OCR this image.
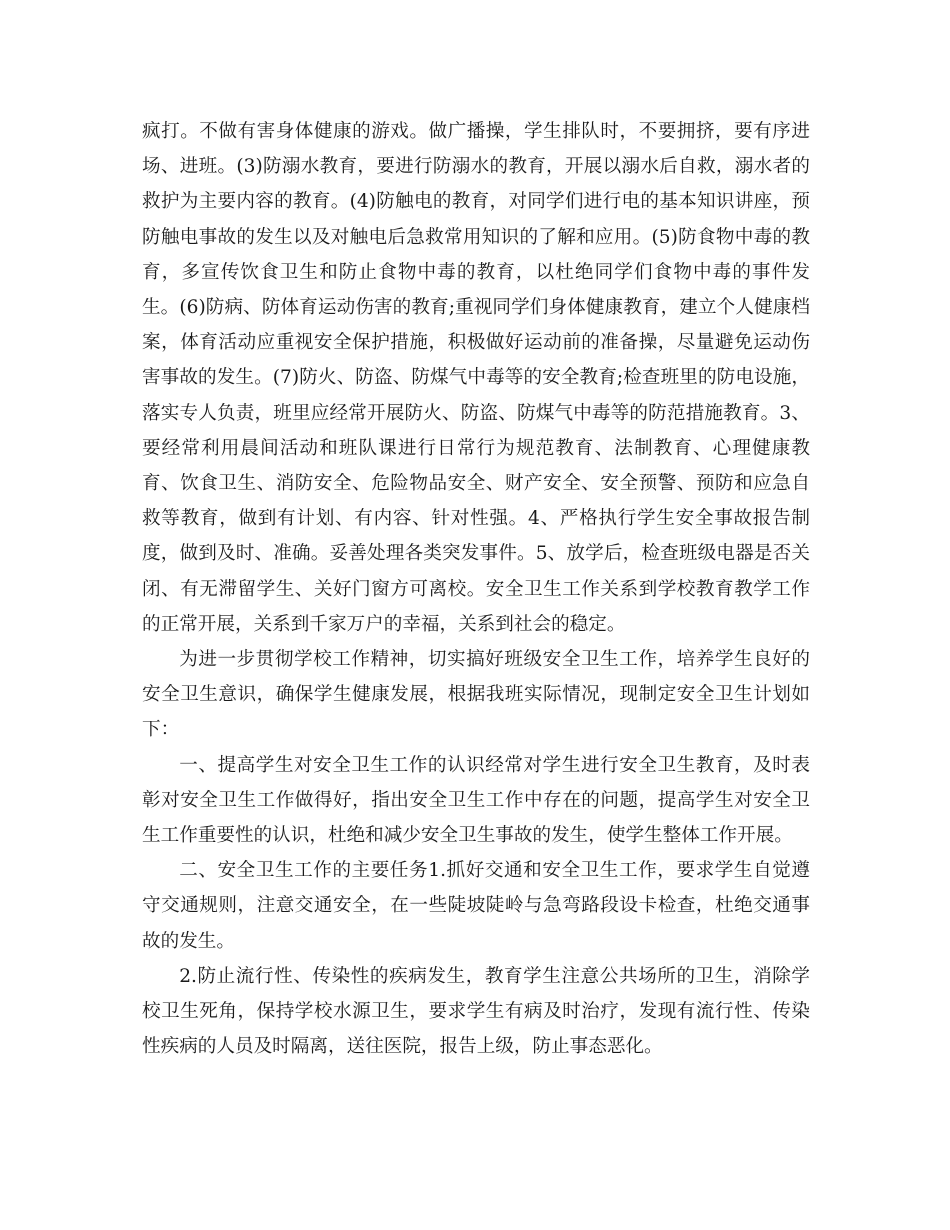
疯打。不做有害身体健康的游戏。做广播操，学生排队时，不要拥挤，要有序进场、进班。(3)防溺水教育，要进行防溺水的教育，开展以溺水后自救，溺水者的救护为主要内容的教育。(4)防触电的教育，对同学们进行电的基本知识讲座，预防触电事故的发生以及对触电后急救常用知识的了解和应用。(5)防食物中毒的教育，多宣传饮食卫生和防止食物中毒的教育，以杜绝同学们食物中毒的事件发生。(6)防病、防体育运动伤害的教育;重视同学们身体健康教育，建立个人健康档案，体育活动应重视安全保护措施，积极做好运动前的准备操，尽量避免运动伤害事故的发生。(7)防火、防盗、防煤气中毒等的安全教育;检查班里的防电设施，落实专人负责，班里应经常开展防火、防盗、防煤气中毒等的防范措施教育。3、要经常利用晨间活动和班队课进行日常行为规范教育、法制教育、心理健康教育、饮食卫生、消防安全、危险物品安全、财产安全、安全预警、预防和应急自救等教育，做到有计划、有内容、针对性强。4、严格执行学生安全事故报告制度，做到及时、准确。妥善处理各类突发事件。5、放学后，检查班级电器是否关闭、有无滞留学生、关好门窗方可离校。安全卫生工作关系到学校教育教学工作的正常开展，关系到千家万户的幸福，关系到社会的稳定。

为进一步贯彻学校工作精神，切实搞好班级安全卫生工作，培养学生良好的安全卫生意识，确保学生健康发展，根据我班实际情况，现制定安全卫生计划如下：

一、提高学生对安全卫生工作的认识经常对学生进行安全卫生教育，及时表彰对安全卫生工作做得好，指出安全卫生工作中存在的问题，提高学生对安全卫生工作重要性的认识，杜绝和减少安全卫生事故的发生，使学生整体工作开展。

二、安全卫生工作的主要任务1.抓好交通和安全卫生工作，要求学生自觉遵守交通规则，注意交通安全，在一些陡坡陡岭与急弯路段设卡检查，杜绝交通事故的发生。

2.防止流行性、传染性的疾病发生，教育学生注意公共场所的卫生，消除学校卫生死角，保持学校水源卫生，要求学生有病及时治疗，发现有流行性、传染性疾病的人员及时隔离，送往医院，报告上级，防止事态恶化。
